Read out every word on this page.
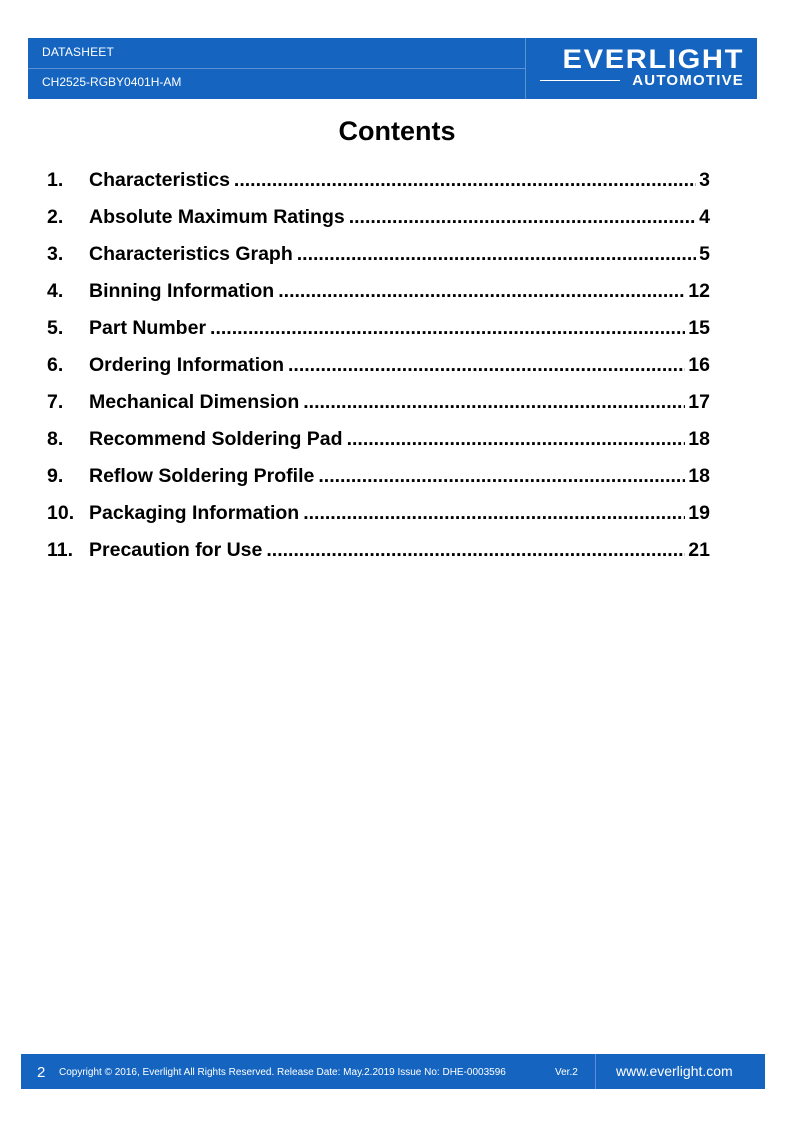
DATASHEET
CH2525-RGBY0401H-AM
EVERLIGHT
AUTOMOTIVE
Contents
1.	Characteristics .....	3
2.	Absolute Maximum Ratings .....	4
3.	Characteristics Graph .....	5
4.	Binning Information .....	12
5.	Part Number .....	15
6.	Ordering Information .....	16
7.	Mechanical Dimension .....	17
8.	Recommend Soldering Pad .....	18
9.	Reflow Soldering Profile .....	18
10. Packaging Information .....	19
11. Precaution for Use .....	21
2 Copyright © 2016, Everlight All Rights Reserved. Release Date: May.2.2019 Issue No: DHE-0003596	Ver.2	www.everlight.com
